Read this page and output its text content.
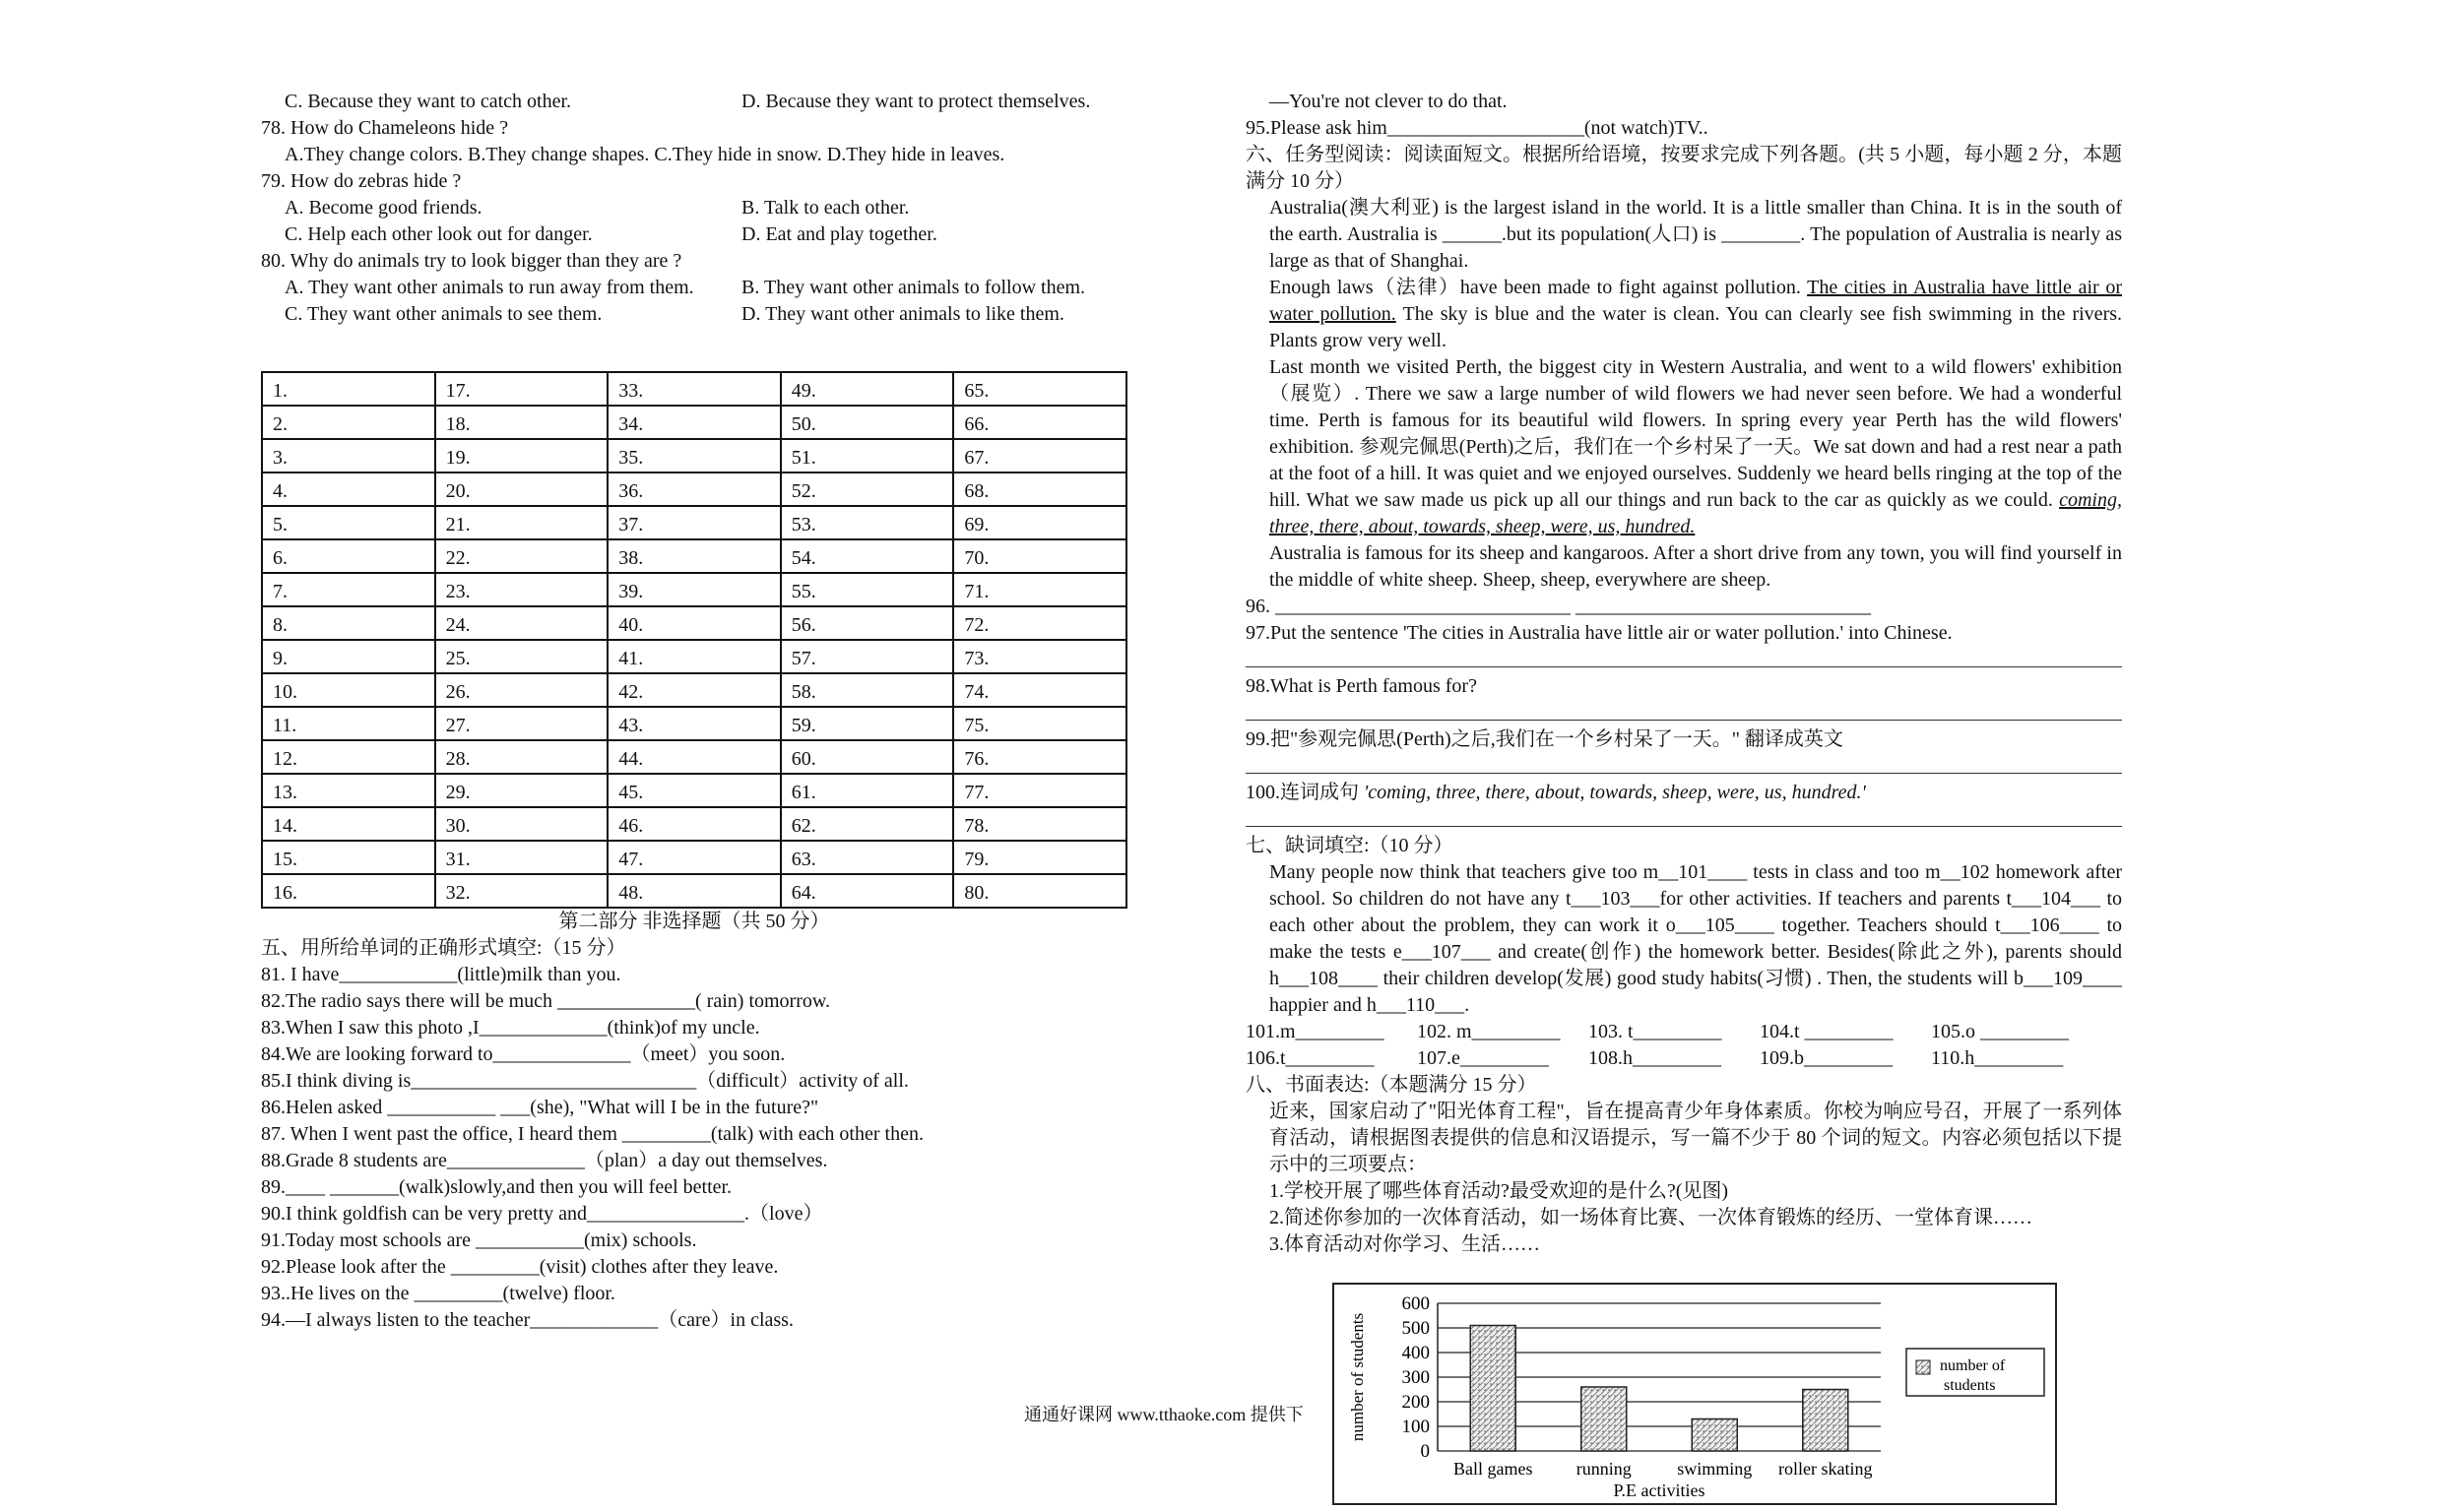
C. Because they want to catch other.	D. Because they want to protect themselves.
78. How do Chameleons hide ?
A.They change colors. B.They change shapes. C.They hide in snow. D.They hide in leaves.
79. How do zebras hide ?
A. Become good friends.	B. Talk to each other.
C. Help each other look out for danger.	D. Eat and play together.
80. Why do animals try to look bigger than they are ?
A. They want other animals to run away from them.	B. They want other animals to follow them.
C. They want other animals to see them.	D. They want other animals to like them.
1.	17.	33.	49.	65.
2.	18.	34.	50.	66.
3.	19.	35.	51.	67.
4.	20.	36.	52.	68.
5.	21.	37.	53.	69.
6.	22.	38.	54.	70.
7.	23.	39.	55.	71.
8.	24.	40.	56.	72.
9.	25.	41.	57.	73.
10.	26.	42.	58.	74.
11.	27.	43.	59.	75.
12.	28.	44.	60.	76.
13.	29.	45.	61.	77.
14.	30.	46.	62.	78.
15.	31.	47.	63.	79.
16.	32.	48.	64.	80.
第二部分 非选择题（共 50 分）
五、用所给单词的正确形式填空:（15 分）
81. I have____________(little)milk than you.
82.The radio says there will be much ______________( rain) tomorrow.
83.When I saw this photo ,I_____________(think)of my uncle.
84.We are looking forward to______________（meet）you soon.
85.I think diving is_____________________________（difficult）activity of all.
86.Helen asked ___________ ___(she), "What will I be in the future?"
87. When I went past the office, I heard them _________(talk) with each other then.
88.Grade 8 students are______________（plan）a day out themselves.
89.____ _______(walk)slowly,and then you will feel better.
90.I think goldfish can be very pretty and________________.（love）
91.Today most schools are ___________(mix) schools.
92.Please look after the _________(visit) clothes after they leave.
93..He lives on the _________(twelve) floor.
94.—I always listen to the teacher_____________（care）in class.
—You're not clever to do that.
95.Please ask him____________________(not watch)TV..
六、任务型阅读：阅读面短文。根据所给语境，按要求完成下列各题。(共 5 小题，每小题 2 分，本题满分 10 分）
Australia(澳大利亚) is the largest island in the world. It is a little smaller than China. It is in the south of the earth. Australia is ______.but its population(人口) is ________. The population of Australia is nearly as large as that of Shanghai.
Enough laws（法律）have been made to fight against pollution. The cities in Australia have little air or water pollution. The sky is blue and the water is clean. You can clearly see fish swimming in the rivers. Plants grow very well.
Last month we visited Perth, the biggest city in Western Australia, and went to a wild flowers' exhibition（展览）. There we saw a large number of wild flowers we had never seen before. We had a wonderful time. Perth is famous for its beautiful wild flowers. In spring every year Perth has the wild flowers' exhibition. 参观完佩思(Perth)之后，我们在一个乡村呆了一天。We sat down and had a rest near a path at the foot of a hill. It was quiet and we enjoyed ourselves. Suddenly we heard bells ringing at the top of the hill. What we saw made us pick up all our things and run back to the car as quickly as we could. coming, three, there, about, towards, sheep, were, us, hundred.
Australia is famous for its sheep and kangaroos. After a short drive from any town, you will find yourself in the middle of white sheep. Sheep, sheep, everywhere are sheep.
96. ______________________________ ______________________________
97.Put the sentence 'The cities in Australia have little air or water pollution.' into Chinese.
98.What is Perth famous for?
99.把"参观完佩思(Perth)之后,我们在一个乡村呆了一天。" 翻译成英文
100.连词成句 'coming, three, there, about, towards, sheep, were, us, hundred.'
七、缺词填空:（10 分）
Many people now think that teachers give too m__101____ tests in class and too m__102 homework after school. So children do not have any t___103___for other activities. If teachers and parents t___104___ to each other about the problem, they can work it o___105____ together. Teachers should t___106____ to make the tests e___107___ and create(创作) the homework better. Besides(除此之外), parents should h___108____ their children develop(发展) good study habits(习惯) . Then, the students will b___109____ happier and h___110___.
101.m_________ 102. m_________ 103. t_________ 104.t _________ 105.o _________
106.t_________ 107.e_________ 108.h_________ 109.b_________ 110.h_________
八、书面表达:（本题满分 15 分）
近来，国家启动了"阳光体育工程"，旨在提高青少年身体素质。你校为响应号召，开展了一系列体育活动，请根据图表提供的信息和汉语提示，写一篇不少于 80 个词的短文。内容必须包括以下提示中的三项要点：
1.学校开展了哪些体育活动?最受欢迎的是什么?(见图)
2.简述你参加的一次体育活动，如一场体育比赛、一次体育锻炼的经历、一堂体育课……
3.体育活动对你学习、生活……
通通好课网 www.tthaoke.com 提供下
0
100
200
300
400
500
600
Ball games running	swimming roller skating
number of students
P.E activities
number of
students
